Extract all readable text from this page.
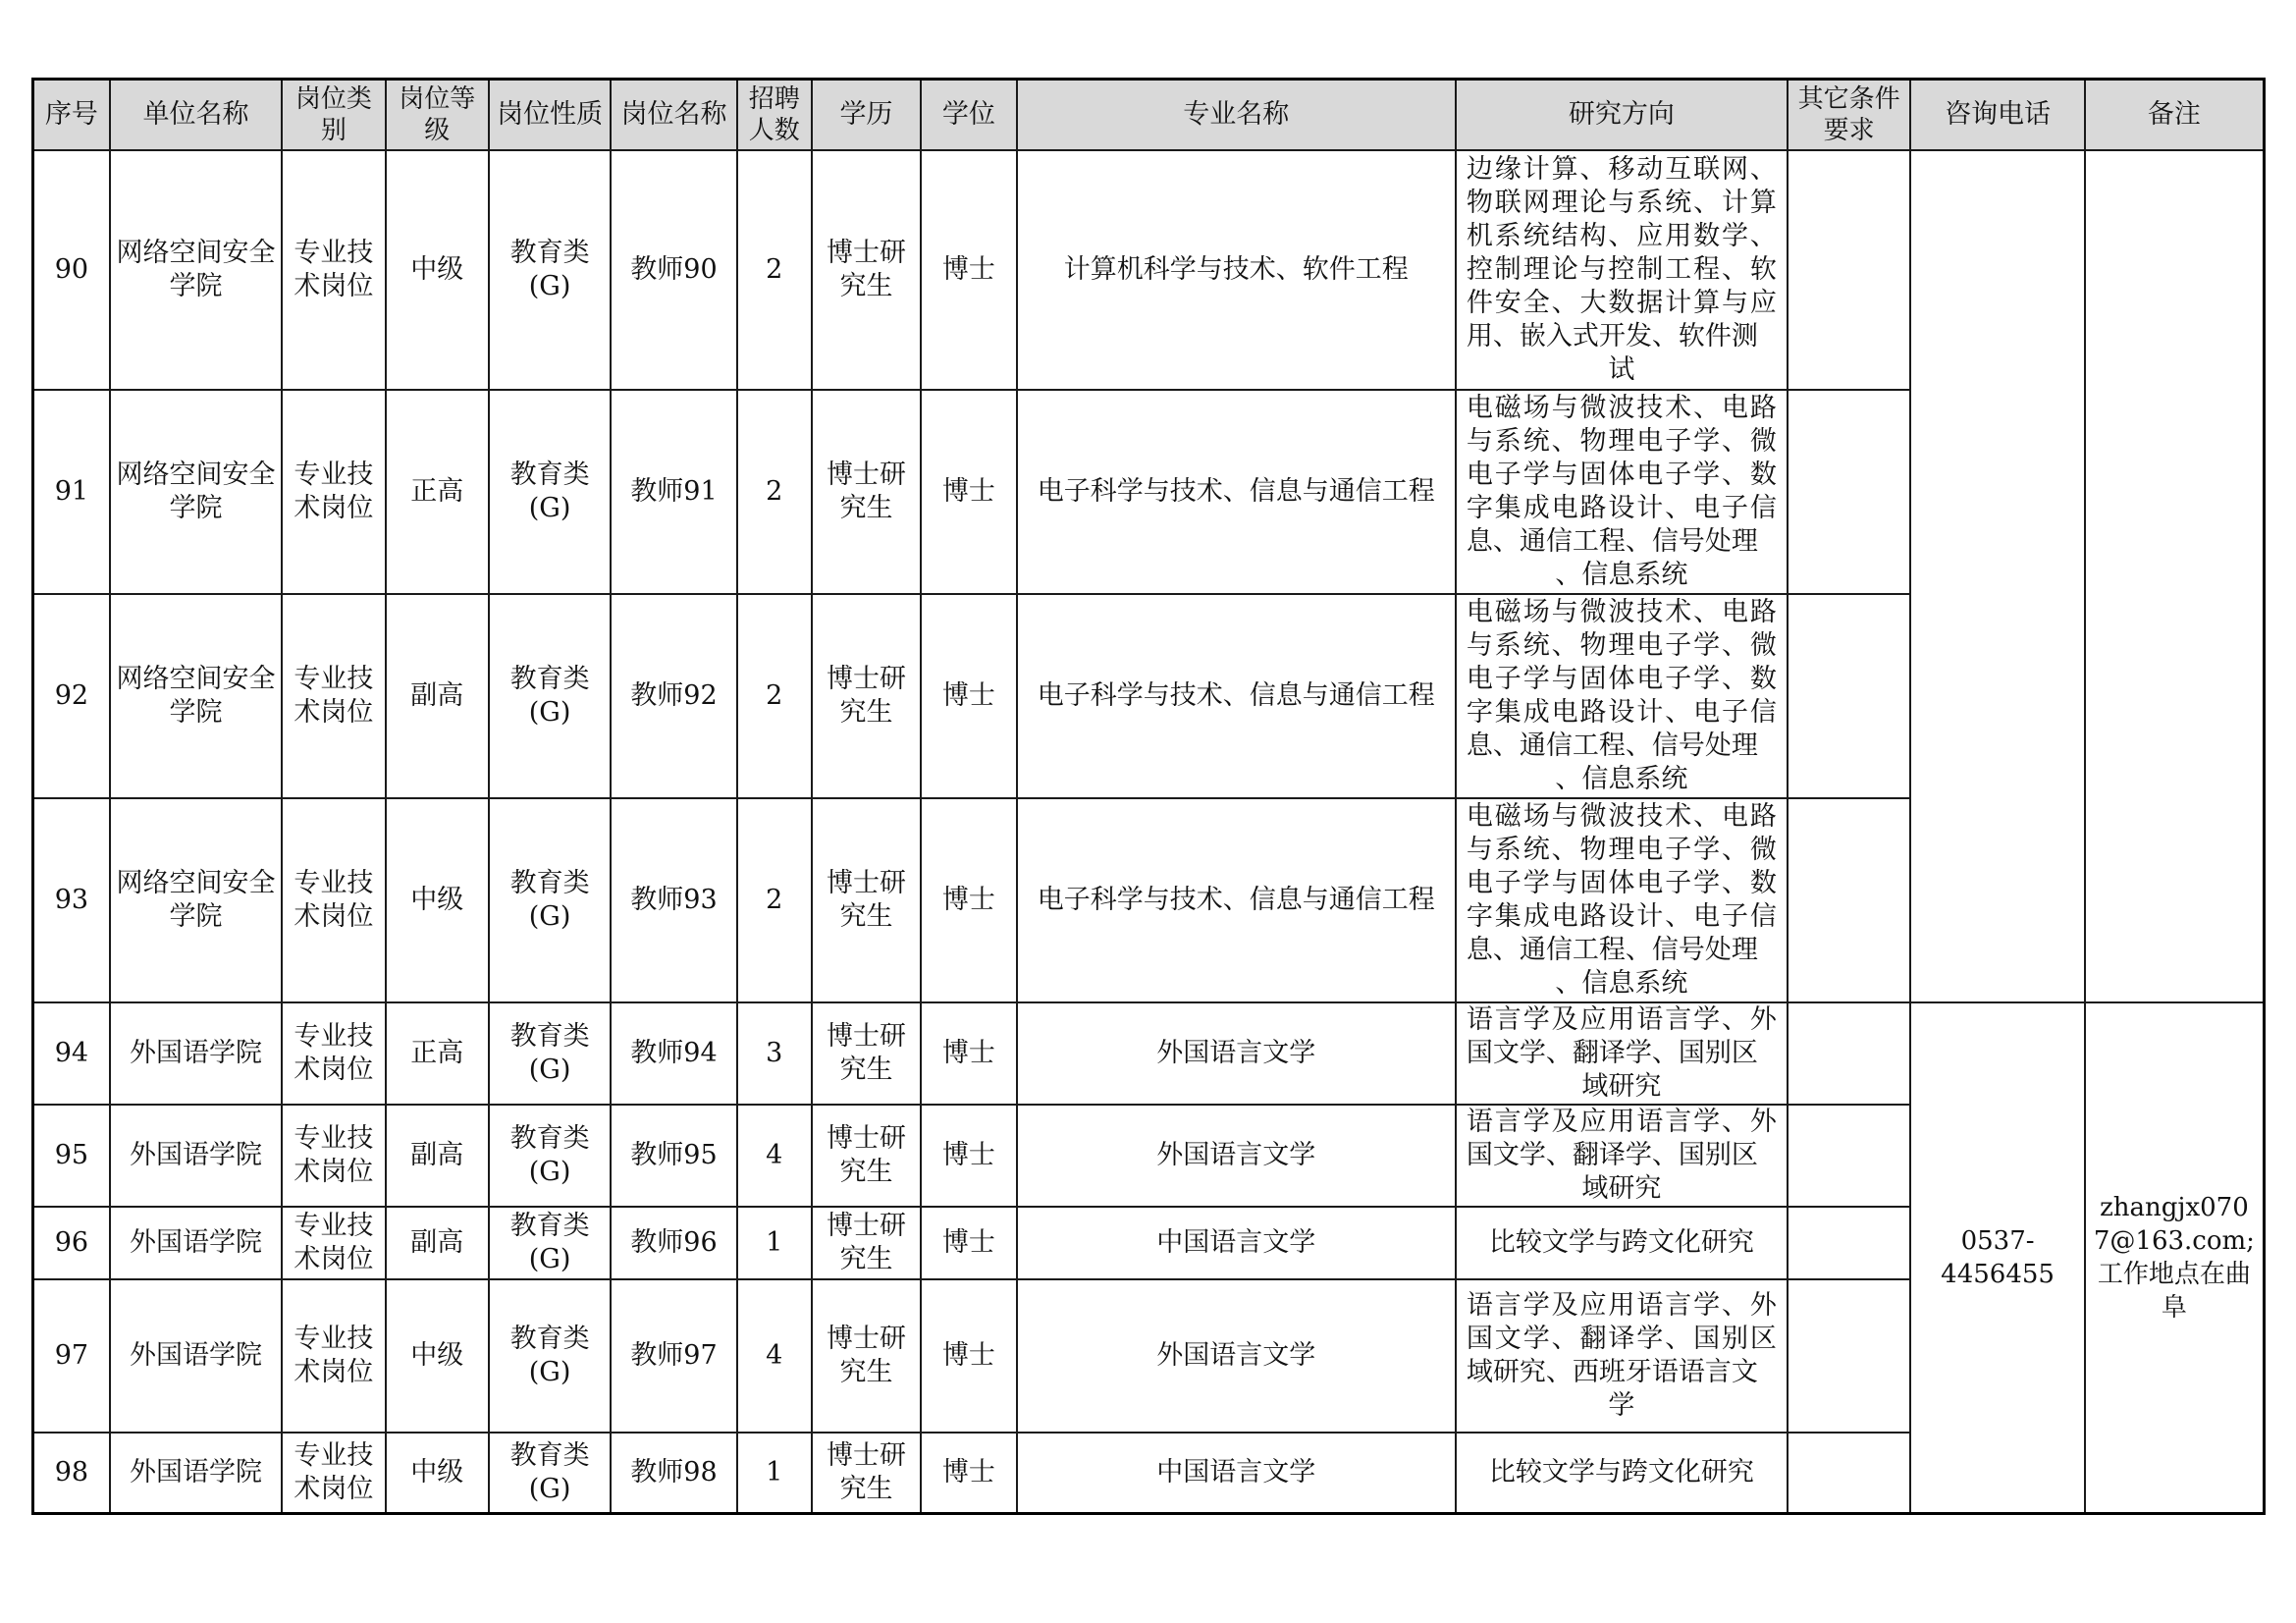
序号	单位名称	岗位类别	岗位等级	岗位性质	岗位名称	招聘人数	学历	学位	专业名称	研究方向	其它条件要求	咨询电话	备注
90	网络空间安全学院	专业技术岗位	中级	教育类(G)	教师90	2	博士研究生	博士	计算机科学与技术、软件工程	边缘计算、移动互联网、物联网理论与系统、计算机系统结构、应用数学、控制理论与控制工程、软件安全、大数据计算与应用、嵌入式开发、软件测
试			

91	网络空间安全学院	专业技术岗位	正高	教育类(G)	教师91	2	博士研究生	博士	电子科学与技术、信息与通信工程	电磁场与微波技术、电路与系统、物理电子学、微电子学与固体电子学、数字集成电路设计、电子信息、通信工程、信号处理
、信息系统			

92	网络空间安全学院	专业技术岗位	副高	教育类(G)	教师92	2	博士研究生	博士	电子科学与技术、信息与通信工程	电磁场与微波技术、电路与系统、物理电子学、微电子学与固体电子学、数字集成电路设计、电子信息、通信工程、信号处理
、信息系统			

93	网络空间安全学院	专业技术岗位	中级	教育类(G)	教师93	2	博士研究生	博士	电子科学与技术、信息与通信工程	电磁场与微波技术、电路与系统、物理电子学、微电子学与固体电子学、数字集成电路设计、电子信息、通信工程、信号处理
、信息系统			

94	外国语学院	专业技术岗位	正高	教育类(G)	教师94	3	博士研究生	博士	外国语言文学	语言学及应用语言学、外国文学、翻译学、国别区
域研究		0537-4456455	zhangjx0707@163.com;工作地点在曲阜
95	外国语学院	专业技术岗位	副高	教育类(G)	教师95	4	博士研究生	博士	外国语言文学	语言学及应用语言学、外国文学、翻译学、国别区
域研究			

96	外国语学院	专业技术岗位	副高	教育类(G)	教师96	1	博士研究生	博士	中国语言文学	比较文学与跨文化研究			

97	外国语学院	专业技术岗位	中级	教育类(G)	教师97	4	博士研究生	博士	外国语言文学	语言学及应用语言学、外国文学、翻译学、国别区域研究、西班牙语语言文
学			

98	外国语学院	专业技术岗位	中级	教育类(G)	教师98	1	博士研究生	博士	中国语言文学	比较文学与跨文化研究			
